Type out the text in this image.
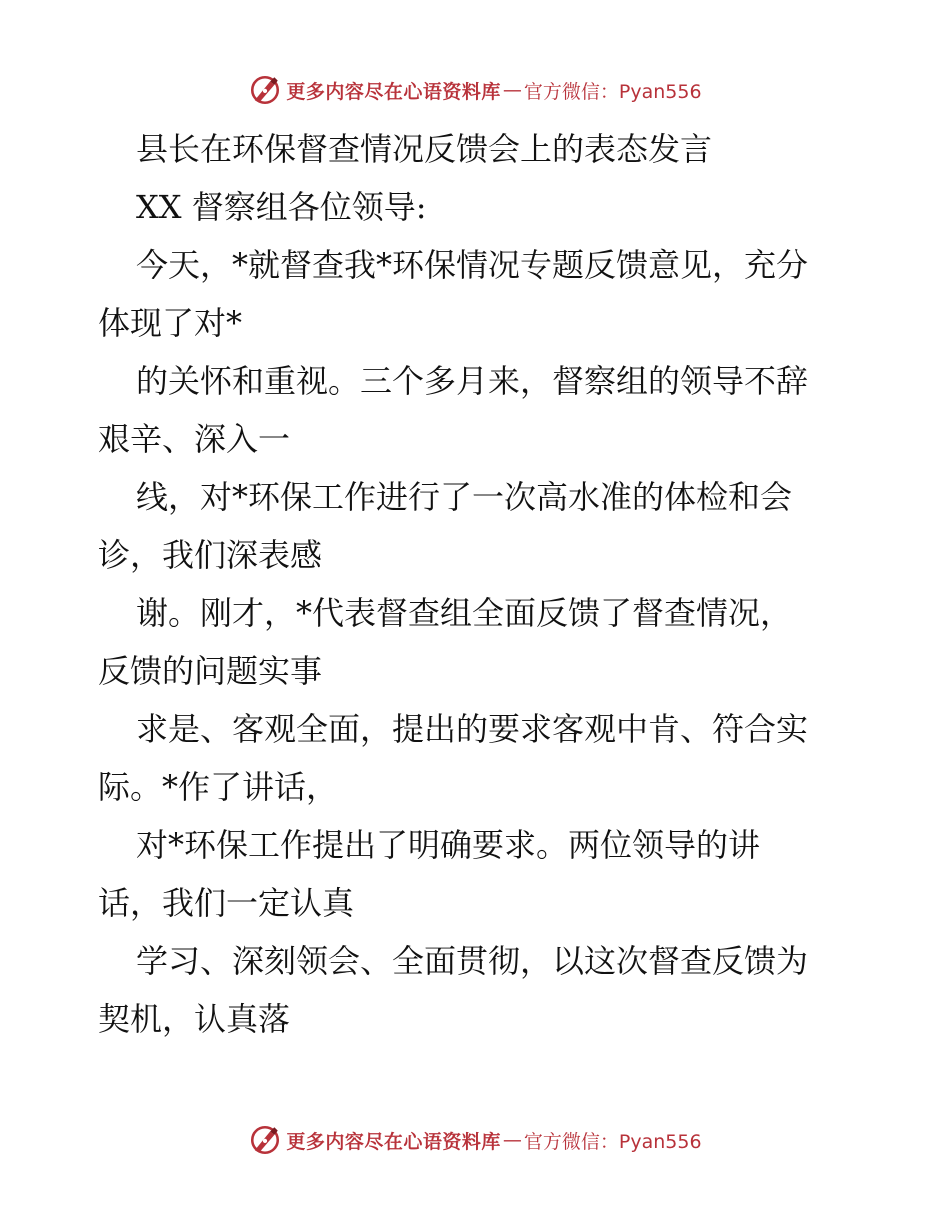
更多内容尽在心语资料库 — 官方微信：Pyan556
县长在环保督查情况反馈会上的表态发言
XX 督察组各位领导:
今天，*就督查我*环保情况专题反馈意见，充分
体现了对*
的关怀和重视。三个多月来，督察组的领导不辞
艰辛、深入一
线，对*环保工作进行了一次高水准的体检和会
诊，我们深表感
谢。刚才，*代表督查组全面反馈了督查情况，
反馈的问题实事
求是、客观全面，提出的要求客观中肯、符合实
际。*作了讲话，
对*环保工作提出了明确要求。两位领导的讲
话，我们一定认真
学习、深刻领会、全面贯彻，以这次督查反馈为
契机，认真落
更多内容尽在心语资料库 — 官方微信：Pyan556
